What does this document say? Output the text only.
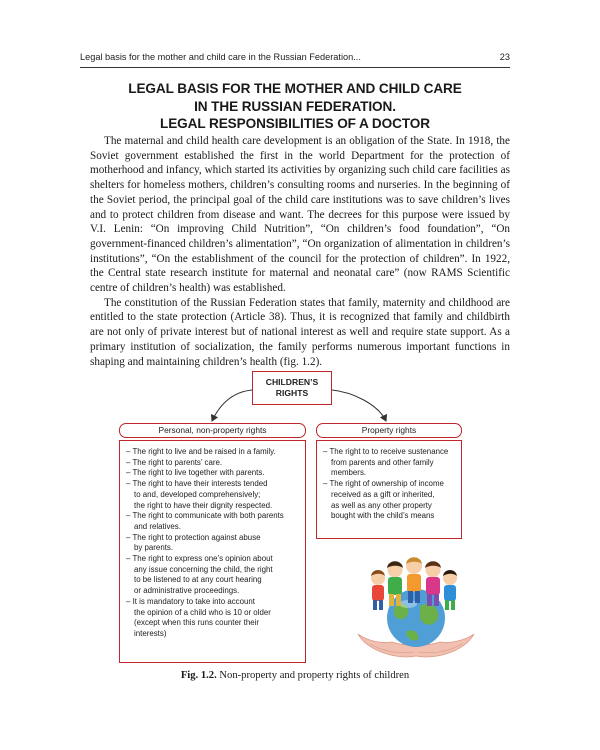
Legal basis for the mother and child care in the Russian Federation...	23
LEGAL BASIS FOR THE MOTHER AND CHILD CARE
IN THE RUSSIAN FEDERATION.
LEGAL RESPONSIBILITIES OF A DOCTOR

The maternal and child health care development is an obligation of the State. In 1918, the Soviet government established the first in the world Department for the protection of motherhood and infancy, which started its activities by organizing such child care facilities as shelters for homeless mothers, children’s consulting rooms and nurseries. In the beginning of the Soviet period, the principal goal of the child care institutions was to save children’s lives and to protect children from disease and want. The decrees for this purpose were issued by V.I. Lenin: “On improving Child Nutrition”, “On children’s food foundation”, “On government-financed children’s alimentation”, “On organization of alimentation in children’s institutions”, “On the establishment of the council for the protection of children”. In 1922, the Central state research institute for maternal and neonatal care” (now RAMS Scientific centre of children’s health) was established.

The constitution of the Russian Federation states that family, maternity and childhood are entitled to the state protection (Article 38). Thus, it is recognized that family and childbirth are not only of private interest but of national interest as well and require state support. As a primary institution of socialization, the family performs numerous important functions in shaping and maintaining children’s health (fig. 1.2).

CHILDREN’S
RIGHTS
Personal, non-property rights	Property rights
– The right to live and be raised in a family.
– The right to parents’ care.
– The right to live together with parents.
– The right to have their interests tended
to and, developed comprehensively;
the right to have their dignity respected.
– The right to communicate with both parents
and relatives.
– The right to protection against abuse
by parents.
– The right to express one’s opinion about
any issue concerning the child, the right
to be listened to at any court hearing
or administrative proceedings.
– It is mandatory to take into account
the opinion of a child who is 10 or older
(except when this runs counter their
interests)
– The right to to receive sustenance
from parents and other family
members.
– The right of ownership of income
received as a gift or inherited,
as well as any other property
bought with the child’s means
Fig. 1.2. Non-property and property rights of children
